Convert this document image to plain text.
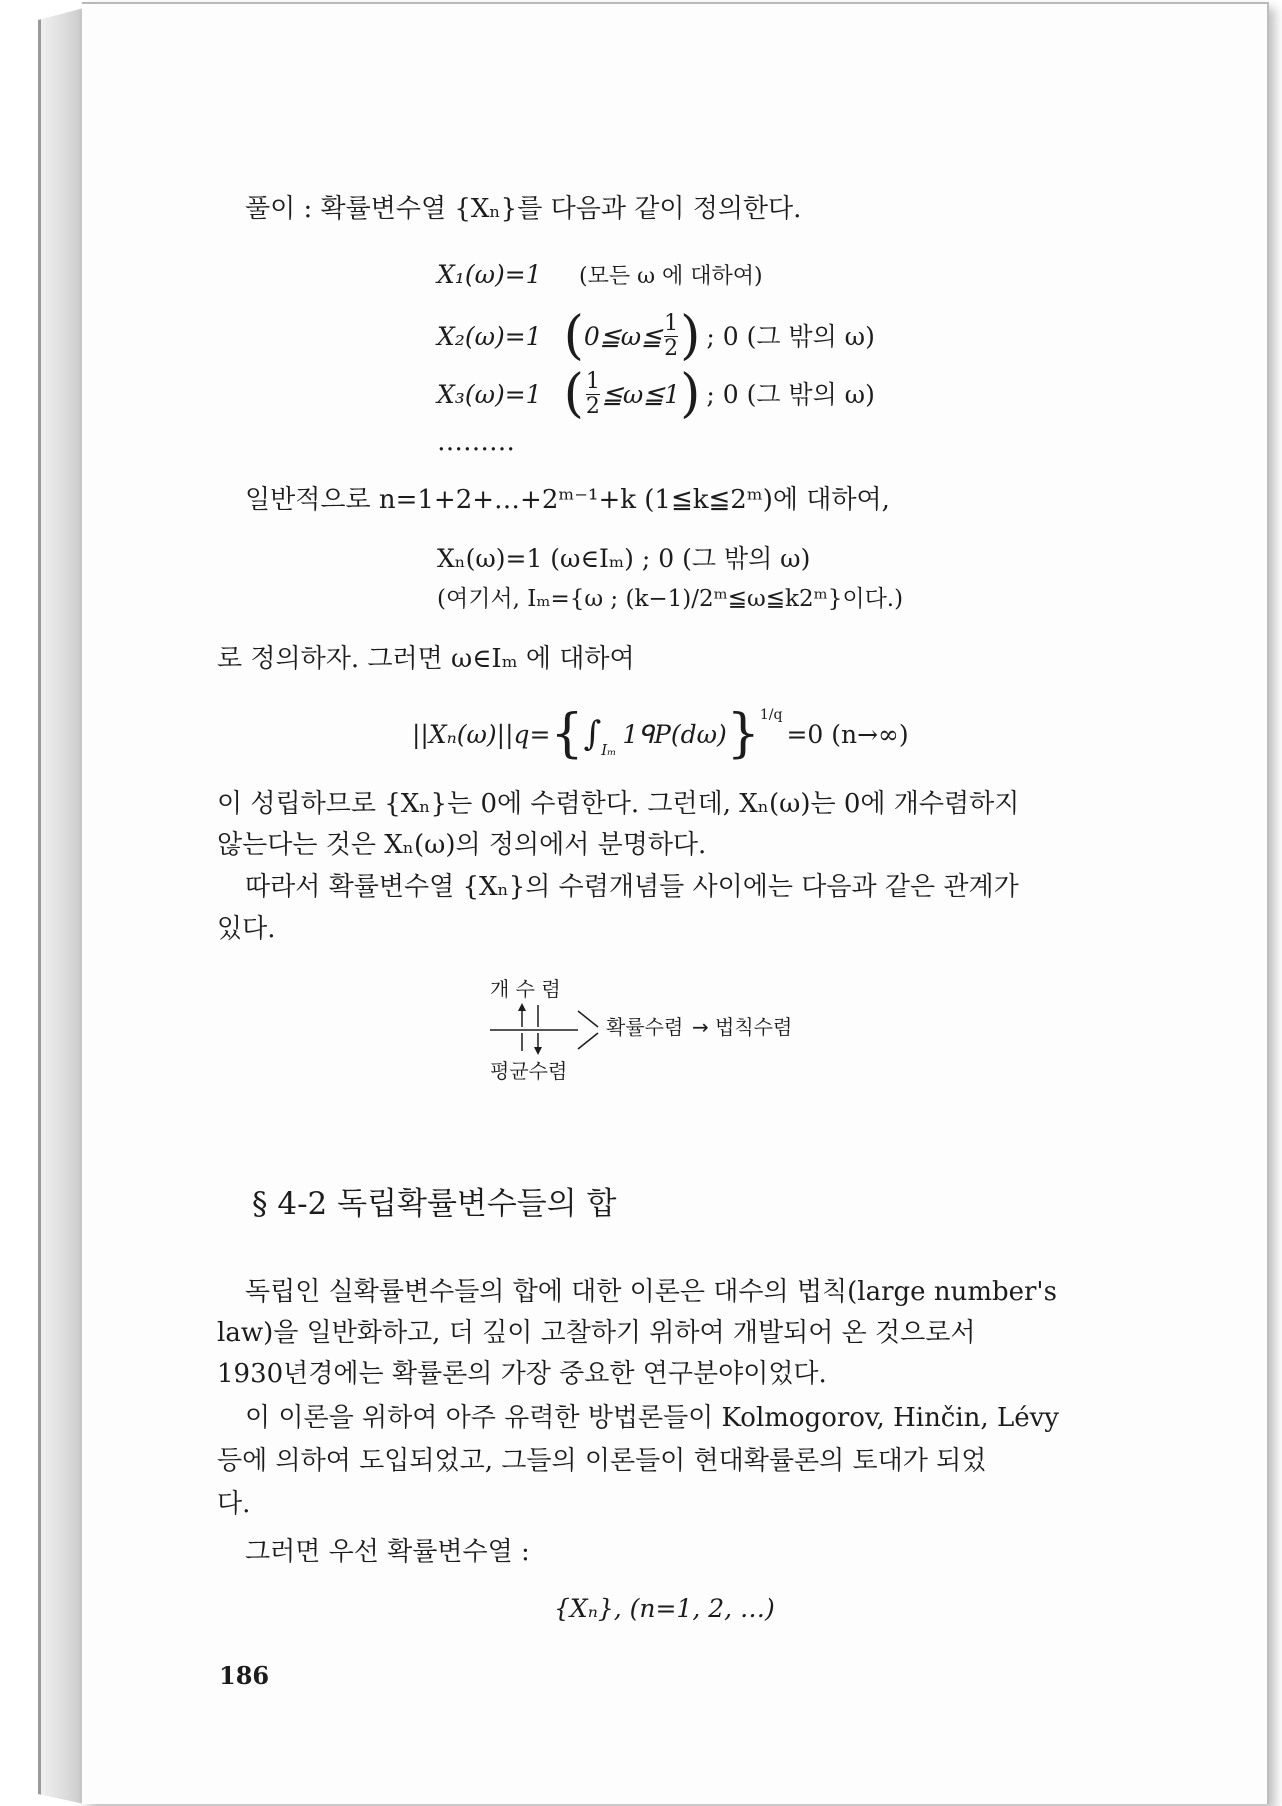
풀이 : 확률변수열 {Xₙ}를 다음과 같이 정의한다.
X₁(ω)=1 (모든 ω 에 대하여)
X₂(ω)=1 ( 0≦ω≦ $\frac{1}{2}$ ) ; 0 (그 밖의 ω)
X₃(ω)=1 ( $\frac{1}{2}$ ≦ω≦1 ) ; 0 (그 밖의 ω)
………
일반적으로 n=1+2+…+2ᵐ⁻¹+k (1≦k≦2ᵐ)에 대하여,
Xₙ(ω)=1 (ω∈Iₘ) ; 0 (그 밖의 ω)
(여기서, Iₘ={ω ; (k−1)/2ᵐ≦ω≦k2ᵐ}이다.)
로 정의하자. 그러면 ω∈Iₘ 에 대하여
||Xₙ(ω)||q= { ∫ Iₘ
1ᑫP(dω) } 1/q
=0 (n→∞)
이 성립하므로 {Xₙ}는 0에 수렴한다. 그런데, Xₙ(ω)는 0에 개수렴하지
않는다는 것은 Xₙ(ω)의 정의에서 분명하다.
따라서 확률변수열 {Xₙ}의 수렴개념들 사이에는 다음과 같은 관계가
있다.
개 수 렴
확률수렴 → 법칙수렴
평균수렴
§ 4-2 독립확률변수들의 합
독립인 실확률변수들의 합에 대한 이론은 대수의 법칙(large number's
law)을 일반화하고, 더 깊이 고찰하기 위하여 개발되어 온 것으로서
1930년경에는 확률론의 가장 중요한 연구분야이었다.
이 이론을 위하여 아주 유력한 방법론들이 Kolmogorov, Hinčin, Lévy
등에 의하여 도입되었고, 그들의 이론들이 현대확률론의 토대가 되었
다.
그러면 우선 확률변수열 :
{Xₙ}, (n=1, 2, …)
186
